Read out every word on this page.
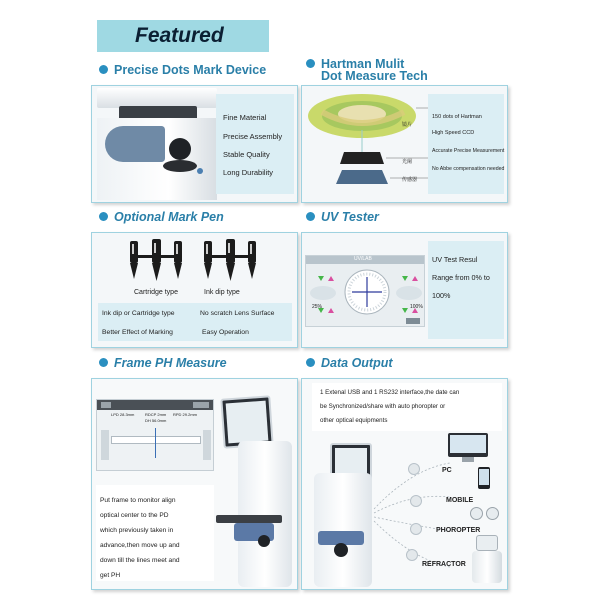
Featured
Precise Dots Mark Device
Fine Material
Precise Assembly
Stable Quality
Long Durability
Hartman Mulit
Dot Measure Tech
镜片
光阑
传感器
150 dots of Hartman
High Speed CCD
Accurate Precise Measurement
No Abbe compensation needed
Optional Mark Pen
Cartridge type	Ink dip type
Ink dip or Cartridge type	No scratch Lens Surface
Better Effect of Marking	Easy Operation
UV Tester
UV/LAB
25%	100%
UV Test Resul
Range from 0% to
100%
Frame PH Measure
LPD 28.3mm	RDCP 2mm RPD 29.2mm
DH 56.0mm
Put frame to monitor align
optical center to the PD
which previously taken in
advance,then move up and
down till the lines meet and
get PH
Data Output
1 Extenal USB and 1 RS232 interface,the date can
be Synchronized/share with auto phoropter or
other optical equipments
PC
MOBILE
PHOROPTER
REFRACTOR
